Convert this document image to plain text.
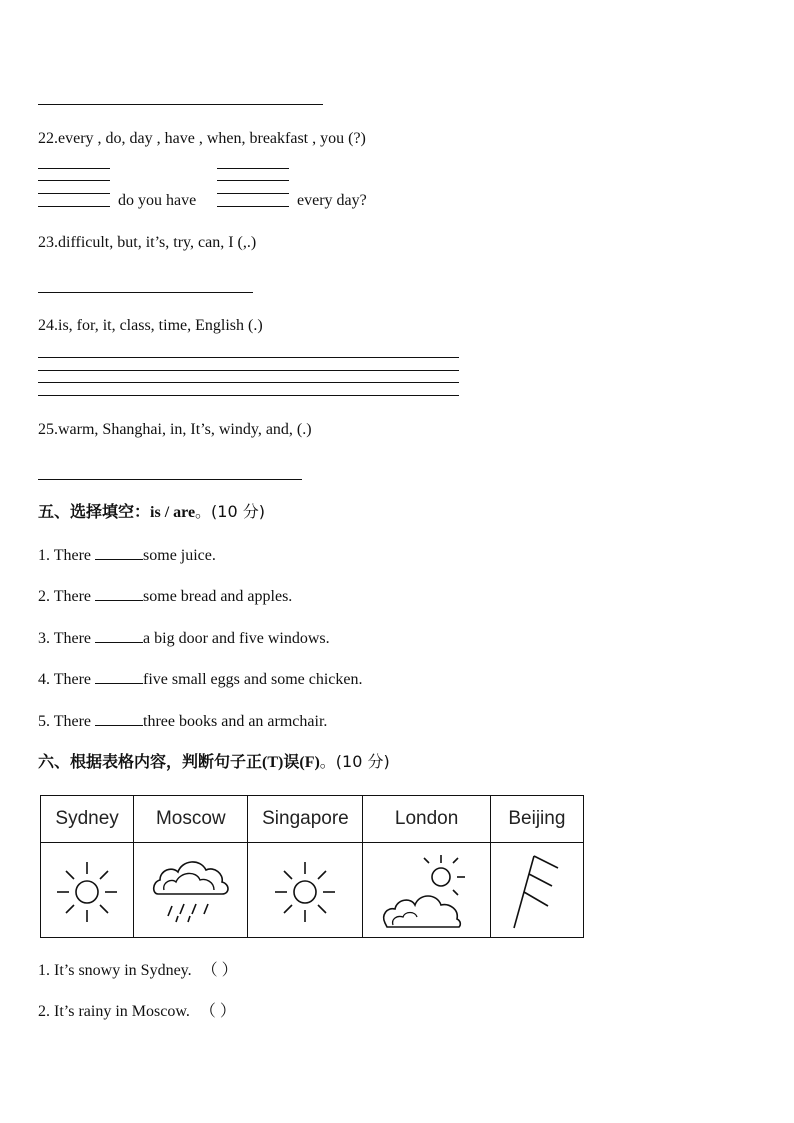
22.every , do, day , have , when, breakfast , you (?)
do you have	every day?
23.difficult, but, it’s, try, can, I (,.)
24.is, for, it, class, time, English (.)
25.warm, Shanghai, in, It’s, windy, and, (.)
五、选择填空：is / are。(10 分)
1. There	some juice.
2. There	some bread and apples.
3. There	a big door and five windows.
4. There	five small eggs and some chicken.
5. There	three books and an armchair.
六、根据表格内容，判断句子正(T)误(F)。(10 分)
Sydney	Moscow	Singapore	London	Beijing

1. It’s snowy in Sydney. （ ）
2. It’s rainy in Moscow. （ ）
